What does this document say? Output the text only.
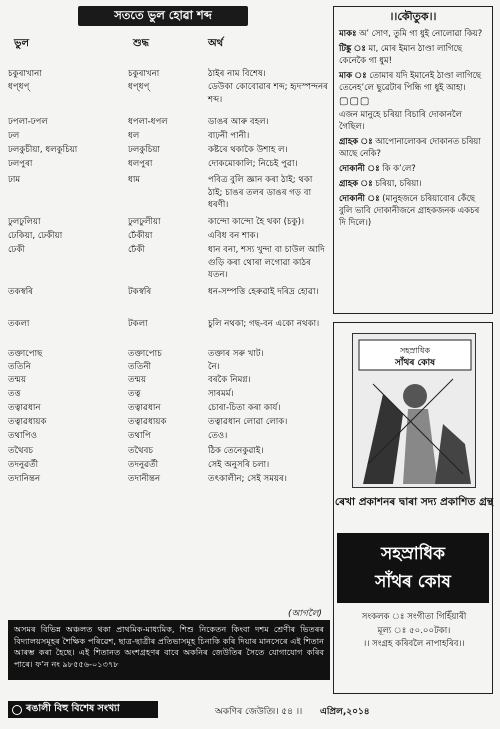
সততে ভুল হোৱা শব্দ
ভুল	শুদ্ধ	অৰ্থ
চকুৰাখানা	চকুৰাখনা	ঠাইৰ নাম বিশেষ।
ধপ্ধপ্	ধপ্ধপ্	ডেউকা কোবোৱাৰ শব্দ; হৃদস্পন্দনৰ শব্দ।
ঢপলা-ঢপল	ধপলা-ধপল	ডাঙৰ আৰু বহল।
ঢল	ধল	বাঢ়নী পানী।
ঢলকুচীয়া, ধলকুচিয়া	ঢলকুচিয়া	কষ্টৰে থকাকৈ উশাহ ল।
ঢলপুৰা	ধলপুৰা	দোকমোকালি; নিচেই পুৱা।
ঢাম	ধাম	পবিত্ৰ বুলি জ্ঞান কৰা ঠাই; থকা ঠাই; চাঙৰ তলৰ ডাঙৰ গড় বা ধৰণী।
ঢুলঢুলিয়া	ঢুলঢুলীয়া	কান্দো কান্দো হৈ থকা (চকু)।
ঢেকিয়া, ঢেকীয়া	ঢেঁকীয়া	এবিধ বন শাক।
ঢেকী	ঢেঁকী	ধান বনা, শস্য খুন্দা বা চাউল আদি গুড়ি কৰা থোৰা লগোৱা কাঠৰ যতন।
তকস্বৰি	টকস্বৰি	ধন-সম্পত্তি হেৰুৱাই দৰিদ্ৰ হোৱা।
তকলা	টকলা	চুলি নথকা; গছ-বন একো নথকা।
তক্তাপোছ	তক্তাপোচ	তক্তাৰ সৰু খাট।
ততিনি	ততিনী	নৈ।
তন্ময়	তন্ময়	বৰকৈ নিমগ্ন।
তত্ত	তত্ব	সাৰমৰ্ম।
তত্বাৱধান	তত্বাৱধান	চোৰা-চিতা কৰা কাৰ্য।
তত্বাৱধায়ক	তত্বাৱধায়ক	তত্বাৱধান লোৱা লোক।
তথাপিও	তথাপি	তেও।
তথৈবচ	তথৈবচ	ঠিক তেনেকুৱাই।
তদনুৱৰ্তী	তদনুৱৰ্তী	সেই অনুসৰি চলা।
তদানিন্তন	তদানীন্তন	তৎকালীন; সেই সময়ৰ।
(আগলৈ)
।।কৌতুক।।

মাকঃ অ’ সোণ, তুমি গা ধুই নোলোৱা কিয়?

টিঙ্কু ঃ মা, মোৰ ইমান ঠাণ্ডা লাগিছে কেনেকৈ গা ধুম!

মাক ঃ তোমাৰ যদি ইমানেই ঠাণ্ডা লাগিছে তেনেহ’লে ছুৱেটাৰ পিন্ধি গা ধুই আহা।

▢▢▢

এজন মানুহে চৰিয়া বিচাৰি দোকানলৈ গৈছিল।

গ্ৰাহক ঃ আপোনালোকৰ দোকানত চৰিয়া আছে নেকি?

দোকানী ঃ কি ক’লে?

গ্ৰাহক ঃ চৰিয়া, চৰিয়া।

দোকানী ঃ (মানুহজনে চৰিয়াবোৰ কেঁছে বুলি ভাবি দোকানীজনে গ্ৰাহকজনক একচৰ দি দিলে।)

সহস্ৰাধিক
সাঁথৰ কোষ
ৰেখা প্ৰকাশনৰ দ্বাৰা সদ্য প্ৰকাশিত গ্ৰন্থ
সহস্ৰাধিক
সাঁথৰ কোষ
সংকলক ঃ সংগীতা গিহিঁয়াৰী
মূল্য ঃ ৫০.০০টকা।
।। সংগ্ৰহ কৰিবলৈ নাপাহৰিব।।
অসমৰ বিভিন্ন অঞ্চলত থকা প্ৰাথমিক-মাধ্যমিক, শিশু নিকেতন কিংবা দশম শ্ৰেণীৰ ভিতৰৰ বিদ্যালয়সমূহৰ শৈক্ষিক পৰিৱেশ, ছাত্ৰ-ছাত্ৰীৰ প্ৰতিভাসমূহ চিনাকি কৰি দিয়াৰ মানসেৰে এই শিতান আৰম্ভ কৰা হৈছে। এই শিতানত অংশগ্ৰহণৰ বাবে অকনিৰ জেউতিৰ সৈতে যোগাযোগ কৰিব পাৰে। ফ’ন নং ৯৮৫৫৬-০১৩৭৮
ৰঙালী বিহু বিশেষ সংখ্যা	অকণিৰ জেউতি
।। ৫৪ ।। এপ্ৰিল,২০১৪
